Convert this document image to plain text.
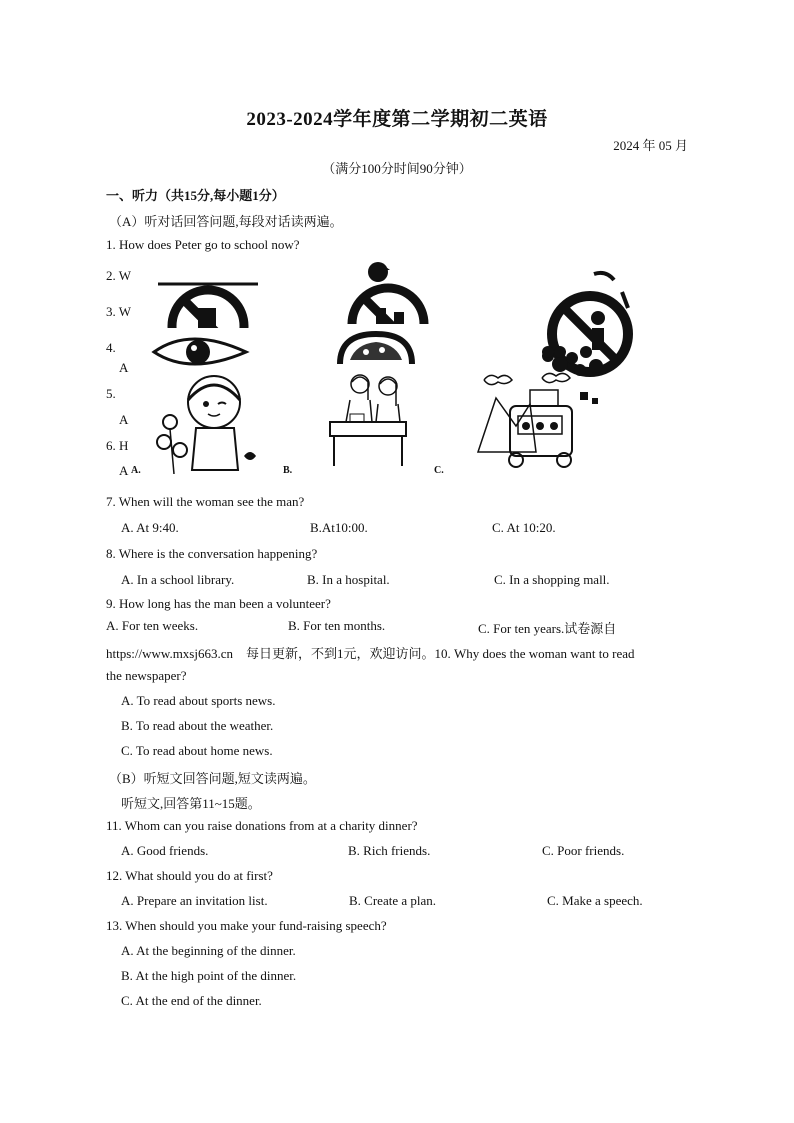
2023-2024学年度第二学期初二英语
2024 年 05 月
（满分100分时间90分钟）
一、听力（共15分,每小题1分）
（A）听对话回答问题,每段对话读两遍。
1. How does Peter go to school now?
2. W
3. W
4.
A
5.
A
6. H
A A.	B.	C.
7. When will the woman see the man?
A. At 9:40.	B.At10:00.	C. At 10:20.
8. Where is the conversation happening?
A. In a school library.	B. In a hospital.	C. In a shopping mall.
9. How long has the man been a volunteer?
A. For ten weeks.	B. For ten months.	C. For ten years.试卷源自
https://www.mxsj663.cn　每日更新，不到1元，欢迎访问。10. Why does the woman want to read
the newspaper?
A. To read about sports news.
B. To read about the weather.
C. To read about home news.
（B）听短文回答问题,短文读两遍。
听短文,回答第11~15题。
11. Whom can you raise donations from at a charity dinner?
A. Good friends.	B. Rich friends.	C. Poor friends.
12. What should you do at first?
A. Prepare an invitation list.	B. Create a plan.	C. Make a speech.
13. When should you make your fund-raising speech?
A. At the beginning of the dinner.
B. At the high point of the dinner.
C. At the end of the dinner.
